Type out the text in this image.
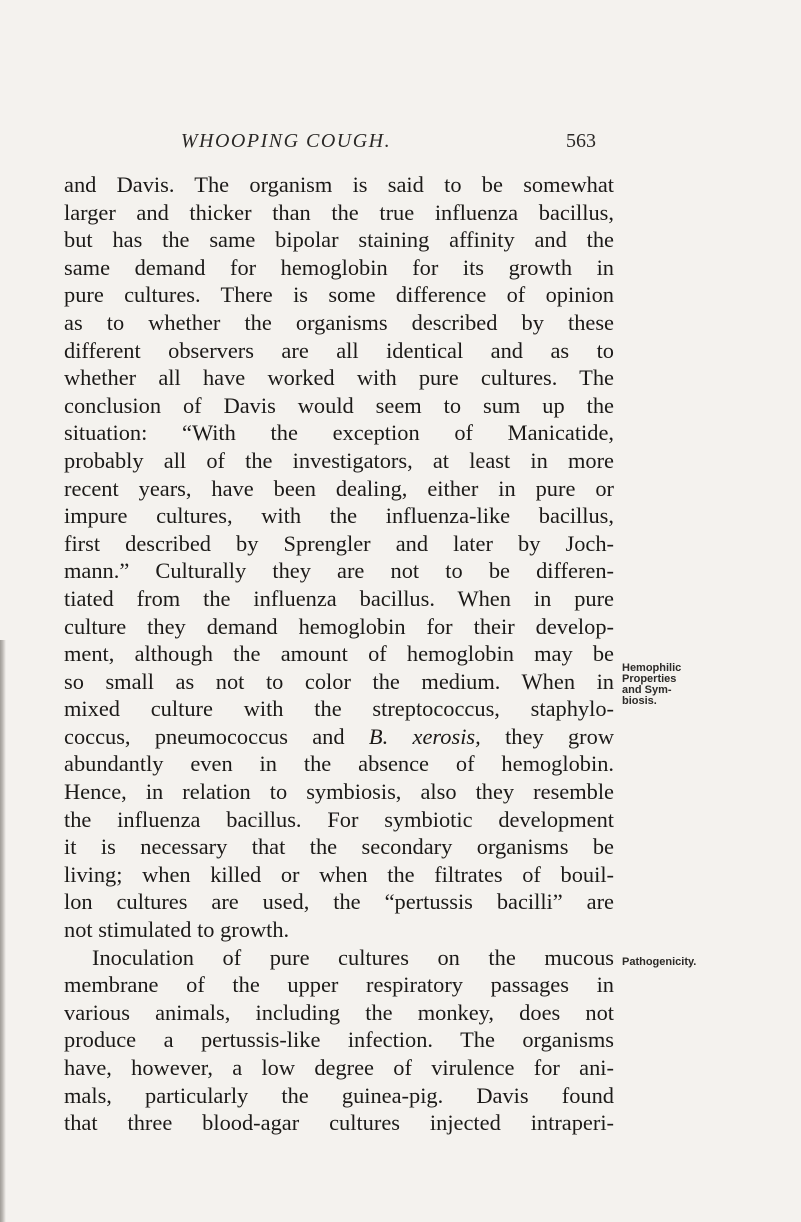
WHOOPING COUGH.	563
and Davis. The organism is said to be somewhat
larger and thicker than the true influenza bacillus,
but has the same bipolar staining affinity and the
same demand for hemoglobin for its growth in
pure cultures. There is some difference of opinion
as to whether the organisms described by these
different observers are all identical and as to
whether all have worked with pure cultures. The
conclusion of Davis would seem to sum up the
situation: “With the exception of Manicatide,
probably all of the investigators, at least in more
recent years, have been dealing, either in pure or
impure cultures, with the influenza-like bacillus,
first described by Sprengler and later by Joch-
mann.” Culturally they are not to be differen-
tiated from the influenza bacillus. When in pure
culture they demand hemoglobin for their develop-
ment, although the amount of hemoglobin may be
so small as not to color the medium. When in
mixed culture with the streptococcus, staphylo-
coccus, pneumococcus and B. xerosis, they grow
abundantly even in the absence of hemoglobin.
Hence, in relation to symbiosis, also they resemble
the influenza bacillus. For symbiotic development
it is necessary that the secondary organisms be
living; when killed or when the filtrates of bouil-
lon cultures are used, the “pertussis bacilli” are
not stimulated to growth.
Inoculation of pure cultures on the mucous
membrane of the upper respiratory passages in
various animals, including the monkey, does not
produce a pertussis-like infection. The organisms
have, however, a low degree of virulence for ani-
mals, particularly the guinea-pig. Davis found
that three blood-agar cultures injected intraperi-
Hemophilic
Properties
and Sym-
biosis.
Pathogenicity.
